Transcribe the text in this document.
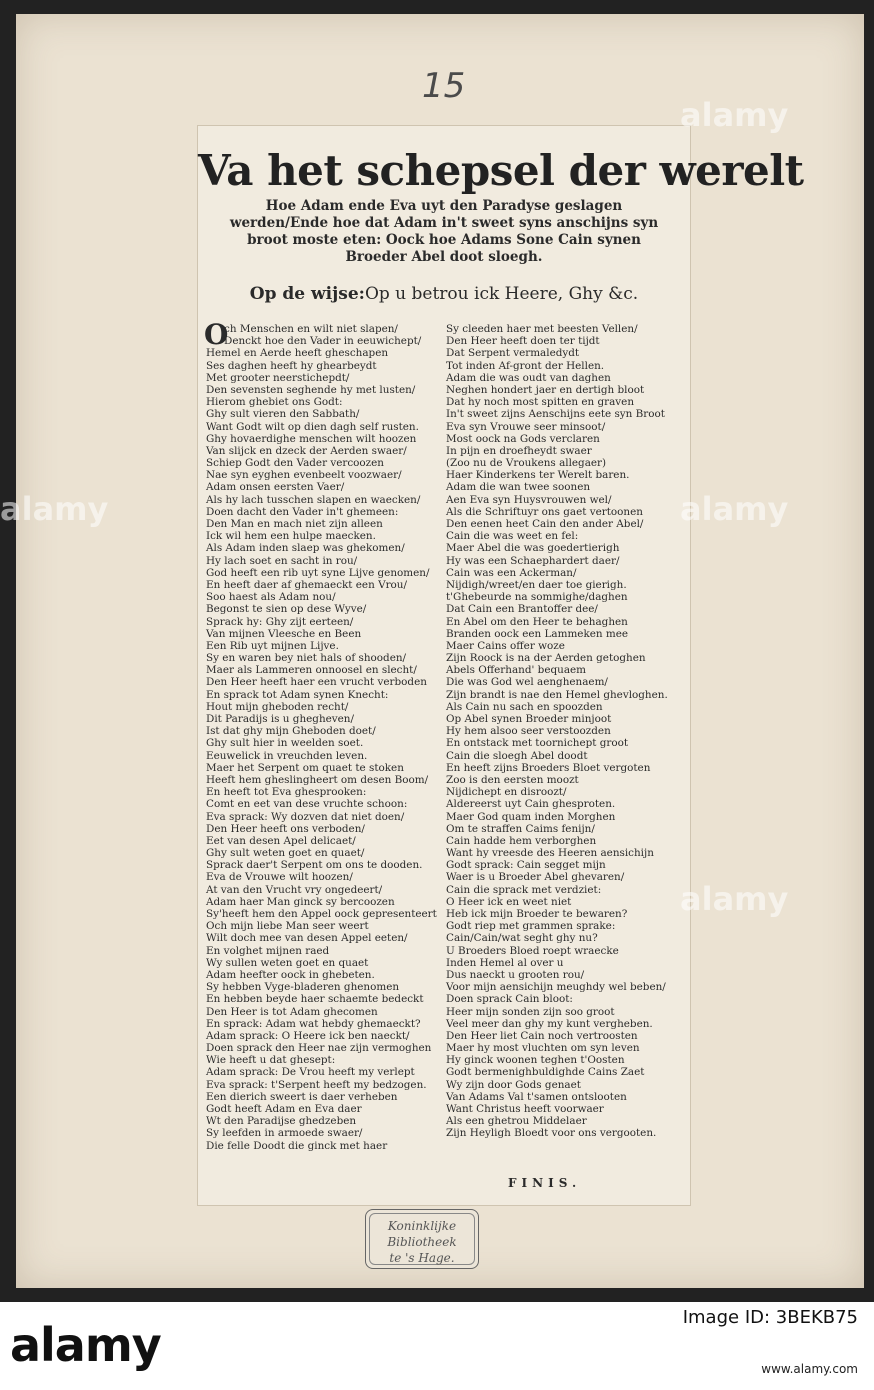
15
Va het schepsel der werelt
Hoe Adam ende Eva uyt den Paradyse geslagen
werden/Ende hoe dat Adam in't sweet syns anschijns syn
broot moste eten: Oock hoe Adams Sone Cain synen
Broeder Abel doot sloegh.
Op de wijse:Op u betrou ick Heere, Ghy &c.
O
ch Menschen en wilt niet slapen/
Denckt hoe den Vader in eeuwichept/
Hemel en Aerde heeft gheschapen
Ses daghen heeft hy ghearbeydt
Met grooter neerstichepdt/
Den sevensten seghende hy met lusten/
Hierom ghebiet ons Godt:
Ghy sult vieren den Sabbath/
Want Godt wilt op dien dagh self rusten.
Ghy hovaerdighe menschen wilt hoozen
Van slijck en dzeck der Aerden swaer/
Schiep Godt den Vader vercoozen
Nae syn eyghen evenbeelt voozwaer/
Adam onsen eersten Vaer/
Als hy lach tusschen slapen en waecken/
Doen dacht den Vader in't ghemeen:
Den Man en mach niet zijn alleen
Ick wil hem een hulpe maecken.
Als Adam inden slaep was ghekomen/
Hy lach soet en sacht in rou/
God heeft een rib uyt syne Lijve genomen/
En heeft daer af ghemaeckt een Vrou/
Soo haest als Adam nou/
Begonst te sien op dese Wyve/
Sprack hy: Ghy zijt eerteen/
Van mijnen Vleesche en Been
Een Rib uyt mijnen Lijve.
Sy en waren bey niet hals of shooden/
Maer als Lammeren onnoosel en slecht/
Den Heer heeft haer een vrucht verboden
En sprack tot Adam synen Knecht:
Hout mijn gheboden recht/
Dit Paradijs is u ghegheven/
Ist dat ghy mijn Gheboden doet/
Ghy sult hier in weelden soet.
Eeuwelick in vreuchden leven.
Maer het Serpent om quaet te stoken
Heeft hem gheslingheert om desen Boom/
En heeft tot Eva ghesprooken:
Comt en eet van dese vruchte schoon:
Eva sprack: Wy dozven dat niet doen/
Den Heer heeft ons verboden/
Eet van desen Apel delicaet/
Ghy sult weten goet en quaet/
Sprack daer't Serpent om ons te dooden.
Eva de Vrouwe wilt hoozen/
At van den Vrucht vry ongedeert/
Adam haer Man ginck sy bercoozen
Sy'heeft hem den Appel oock gepresenteert
Och mijn liebe Man seer weert
Wilt doch mee van desen Appel eeten/
En volghet mijnen raed
Wy sullen weten goet en quaet
Adam heefter oock in ghebeten.
Sy hebben Vyge-bladeren ghenomen
En hebben beyde haer schaemte bedeckt
Den Heer is tot Adam ghecomen
En sprack: Adam wat hebdy ghemaeckt?
Adam sprack: O Heere ick ben naeckt/
Doen sprack den Heer nae zijn vermoghen
Wie heeft u dat ghesept:
Adam sprack: De Vrou heeft my verlept
Eva sprack: t'Serpent heeft my bedzogen.
Een dierich sweert is daer verheben
Godt heeft Adam en Eva daer
Wt den Paradijse ghedzeben
Sy leefden in armoede swaer/
Die felle Doodt die ginck met haer
Sy cleeden haer met beesten Vellen/
Den Heer heeft doen ter tijdt
Dat Serpent vermaledydt
Tot inden Af-gront der Hellen.
Adam die was oudt van daghen
Neghen hondert jaer en dertigh bloot
Dat hy noch most spitten en graven
In't sweet zijns Aenschijns eete syn Broot
Eva syn Vrouwe seer minsoot/
Most oock na Gods verclaren
In pijn en droefheydt swaer
(Zoo nu de Vroukens allegaer)
Haer Kinderkens ter Werelt baren.
Adam die wan twee soonen
Aen Eva syn Huysvrouwen wel/
Als die Schriftuyr ons gaet vertoonen
Den eenen heet Cain den ander Abel/
Cain die was weet en fel:
Maer Abel die was goedertierigh
Hy was een Schaephardert daer/
Cain was een Ackerman/
Nijdigh/wreet/en daer toe gierigh.
t'Ghebeurde na sommighe/daghen
Dat Cain een Brantoffer dee/
En Abel om den Heer te behaghen
Branden oock een Lammeken mee
Maer Cains offer woze
Zijn Roock is na der Aerden getoghen
Abels Offerhand' bequaem
Die was God wel aenghenaem/
Zijn brandt is nae den Hemel ghevloghen.
Als Cain nu sach en spoozden
Op Abel synen Broeder minjoot
Hy hem alsoo seer verstoozden
En ontstack met toornichept groot
Cain die sloegh Abel doodt
En heeft zijns Broeders Bloet vergoten
Zoo is den eersten moozt
Nijdichept en disroozt/
Aldereerst uyt Cain ghesproten.
Maer God quam inden Morghen
Om te straffen Caims fenijn/
Cain hadde hem verborghen
Want hy vreesde des Heeren aensichijn
Godt sprack: Cain segget mijn
Waer is u Broeder Abel ghevaren/
Cain die sprack met verdziet:
O Heer ick en weet niet
Heb ick mijn Broeder te bewaren?
Godt riep met grammen sprake:
Cain/Cain/wat seght ghy nu?
U Broeders Bloed roept wraecke
Inden Hemel al over u
Dus naeckt u grooten rou/
Voor mijn aensichijn meughdy wel beben/
Doen sprack Cain bloot:
Heer mijn sonden zijn soo groot
Veel meer dan ghy my kunt vergheben.
Den Heer liet Cain noch vertroosten
Maer hy most vluchten om syn leven
Hy ginck woonen teghen t'Oosten
Godt bermenighbuldighde Cains Zaet
Wy zijn door Gods genaet
Van Adams Val t'samen ontslooten
Want Christus heeft voorwaer
Als een ghetrou Middelaer
Zijn Heyligh Bloedt voor ons vergooten.
FINIS.
Koninklijke
Bibliotheek
te 's Hage.
alamy
alamy
alamy
alamy
alamy
Image ID: 3BEKB75
www.alamy.com
